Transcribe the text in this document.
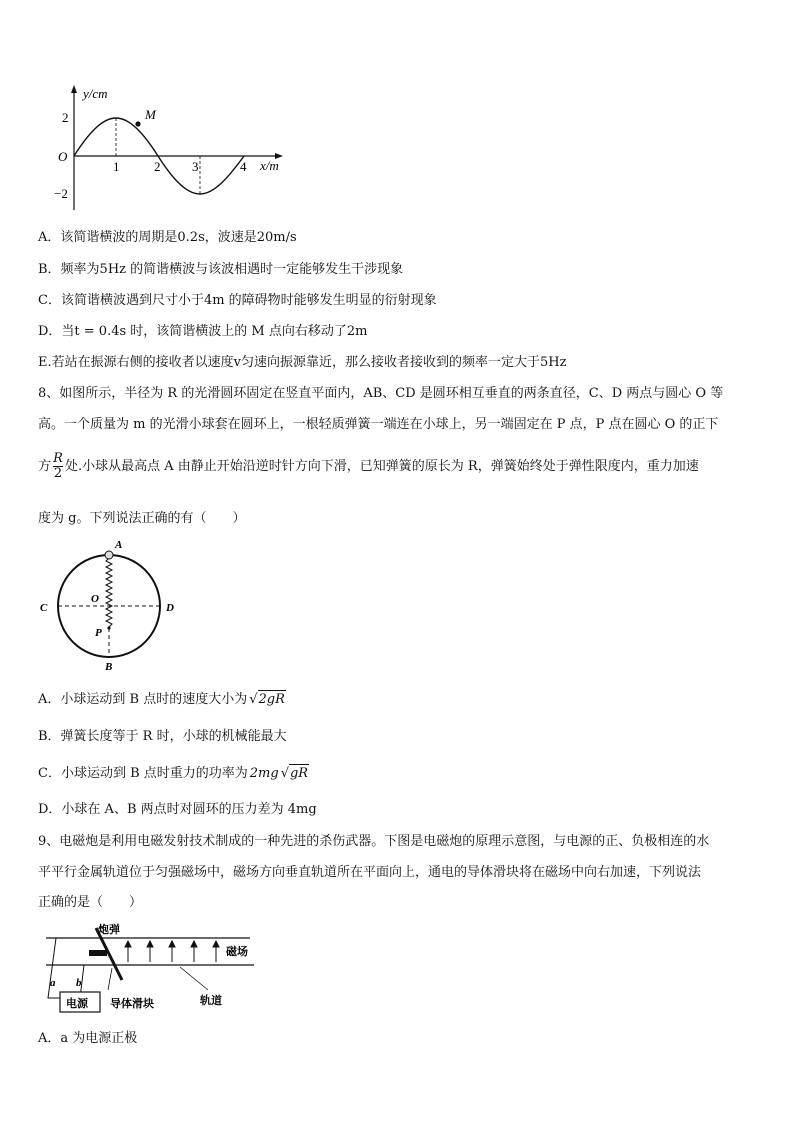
M
y/cm
x/m
O
2
−2
1	2 3	4
A．该简谐横波的周期是0.2s，波速是20m/s
B．频率为5Hz 的简谐横波与该波相遇时一定能够发生干涉现象
C．该简谐横波遇到尺寸小于4m 的障碍物时能够发生明显的衍射现象
D．当t = 0.4s 时，该简谐横波上的 M 点向右移动了2m
E.若站在振源右侧的接收者以速度v匀速向振源靠近，那么接收者接收到的频率一定大于5Hz
8、如图所示，半径为 R 的光滑圆环固定在竖直平面内，AB、CD 是圆环相互垂直的两条直径，C、D 两点与圆心 O 等
高。一个质量为 m 的光滑小球套在圆环上，一根轻质弹簧一端连在小球上，另一端固定在 P 点，P 点在圆心 O 的正下
方 R
2 处.小球从最高点 A 由静止开始沿逆时针方向下滑，已知弹簧的原长为 R，弹簧始终处于弹性限度内，重力加速
度为 g。下列说法正确的有（　　）
A
B
C	D
O
P
A．小球运动到 B 点时的速度大小为 √ 2gR
B．弹簧长度等于 R 时，小球的机械能最大
C．小球运动到 B 点时重力的功率为 2mg √ gR
D．小球在 A、B 两点时对圆环的压力差为 4mg
9、电磁炮是利用电磁发射技术制成的一种先进的杀伤武器。下图是电磁炮的原理示意图，与电源的正、负极相连的水
平平行金属轨道位于匀强磁场中，磁场方向垂直轨道所在平面向上，通电的导体滑块将在磁场中向右加速，下列说法
正确的是（　　）
电源
炮弹
磁场
a b
导体滑块	轨道
A．a 为电源正极
